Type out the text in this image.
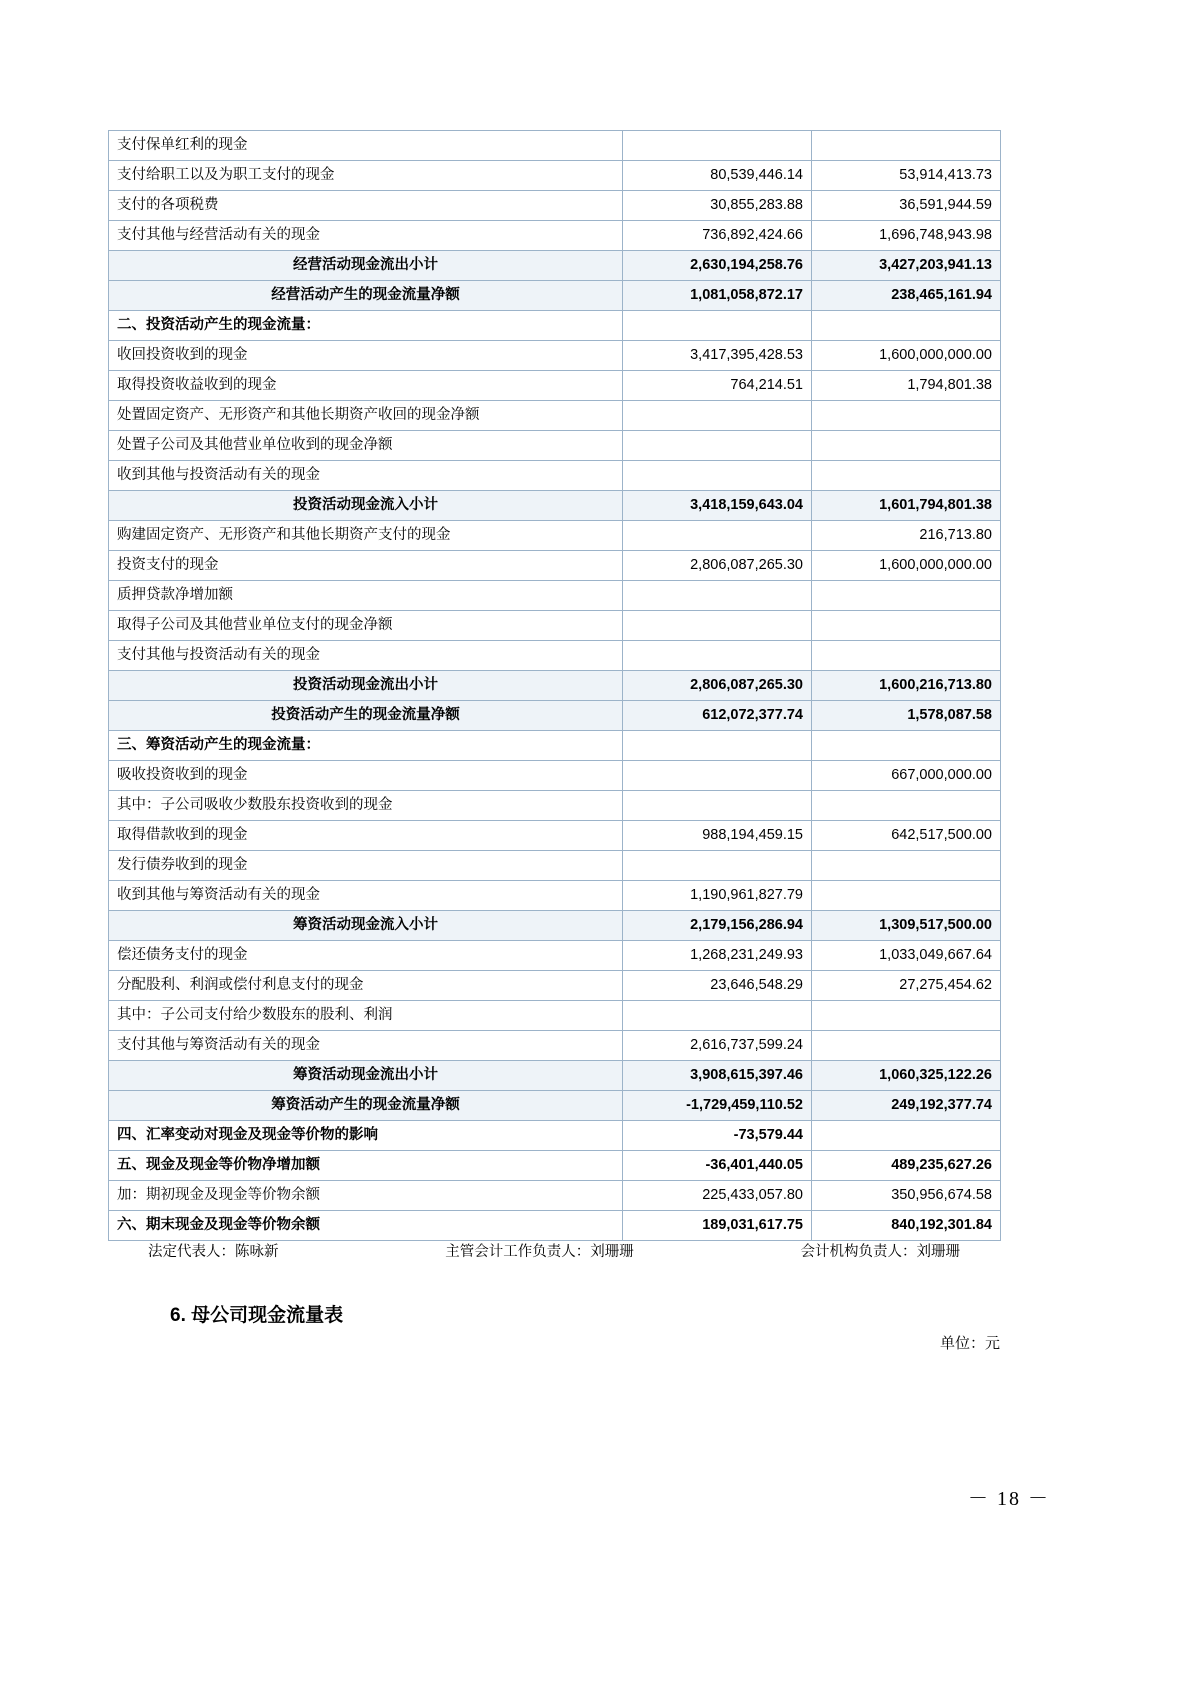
支付保单红利的现金		
支付给职工以及为职工支付的现金	80,539,446.14	53,914,413.73
支付的各项税费	30,855,283.88	36,591,944.59
支付其他与经营活动有关的现金	736,892,424.66	1,696,748,943.98
经营活动现金流出小计	2,630,194,258.76	3,427,203,941.13
经营活动产生的现金流量净额	1,081,058,872.17	238,465,161.94
二、投资活动产生的现金流量：		
收回投资收到的现金	3,417,395,428.53	1,600,000,000.00
取得投资收益收到的现金	764,214.51	1,794,801.38
处置固定资产、无形资产和其他长期资产收回的现金净额		
处置子公司及其他营业单位收到的现金净额		
收到其他与投资活动有关的现金		
投资活动现金流入小计	3,418,159,643.04	1,601,794,801.38
购建固定资产、无形资产和其他长期资产支付的现金		216,713.80
投资支付的现金	2,806,087,265.30	1,600,000,000.00
质押贷款净增加额		
取得子公司及其他营业单位支付的现金净额		
支付其他与投资活动有关的现金		
投资活动现金流出小计	2,806,087,265.30	1,600,216,713.80
投资活动产生的现金流量净额	612,072,377.74	1,578,087.58
三、筹资活动产生的现金流量：		
吸收投资收到的现金		667,000,000.00
其中：子公司吸收少数股东投资收到的现金		
取得借款收到的现金	988,194,459.15	642,517,500.00
发行债券收到的现金		
收到其他与筹资活动有关的现金	1,190,961,827.79	
筹资活动现金流入小计	2,179,156,286.94	1,309,517,500.00
偿还债务支付的现金	1,268,231,249.93	1,033,049,667.64
分配股利、利润或偿付利息支付的现金	23,646,548.29	27,275,454.62
其中：子公司支付给少数股东的股利、利润		
支付其他与筹资活动有关的现金	2,616,737,599.24	
筹资活动现金流出小计	3,908,615,397.46	1,060,325,122.26
筹资活动产生的现金流量净额	-1,729,459,110.52	249,192,377.74
四、汇率变动对现金及现金等价物的影响	-73,579.44	
五、现金及现金等价物净增加额	-36,401,440.05	489,235,627.26
加：期初现金及现金等价物余额	225,433,057.80	350,956,674.58
六、期末现金及现金等价物余额	189,031,617.75	840,192,301.84
法定代表人：陈咏新	主管会计工作负责人：刘珊珊	会计机构负责人：刘珊珊
6. 母公司现金流量表
单位：元
－ 18 －
